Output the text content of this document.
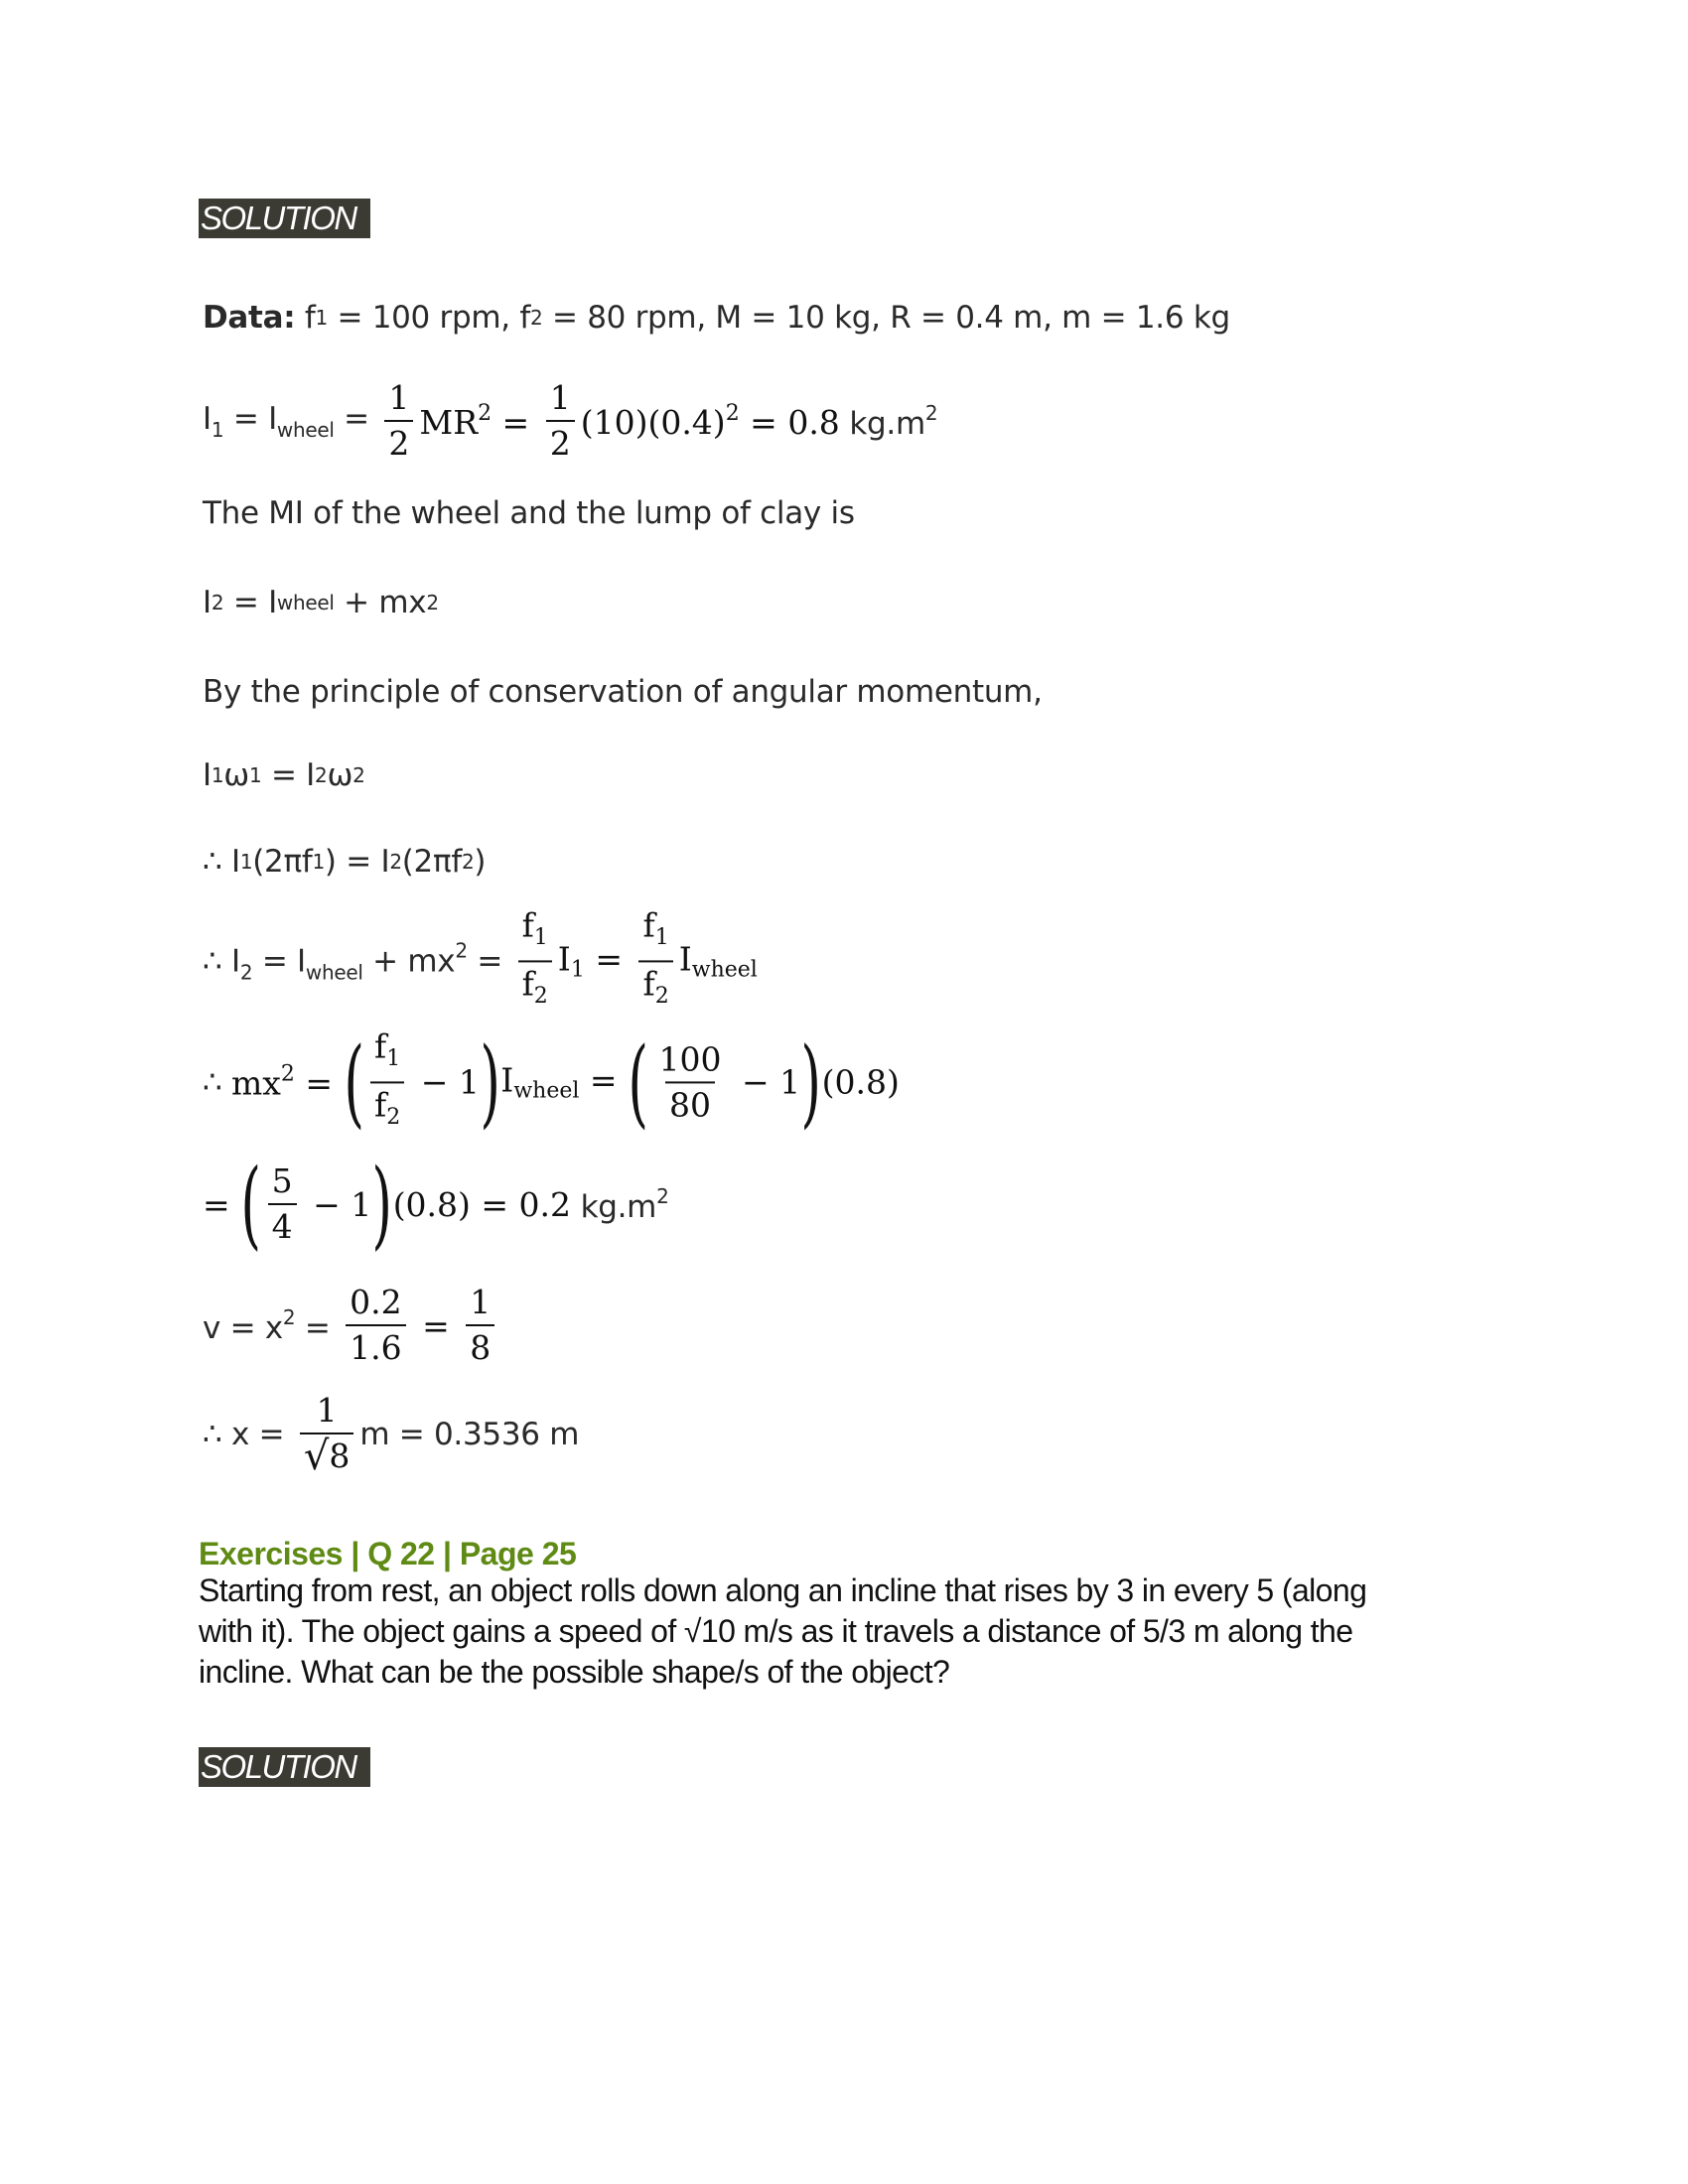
SOLUTION
Data:
f 1 = 100 rpm, f 2 = 80 rpm, M = 10 kg, R = 0.4 m, m = 1.6 kg
$I_1 = I_{wheel} = \frac{1}{2} MR^2 = \frac{1}{2} (10)(0.4)^2 = 0.8$ $kg.m^2$
The MI of the wheel and the lump of clay is
I 2 = I wheel + mx 2
By the principle of conservation of angular momentum,
I 1 ω 1 = I 2 ω 2
∴ I 1 (2πf 1 ) = I 2 (2πf 2 )
∴ $I_2 = I_{wheel} + mx^2 = \frac{f_1}{f_2} I_1 = \frac{f_1}{f_2} I_{wheel}$
∴ $mx^2$ = ( $\frac{f_1}{f_2} - 1$ ) $I_{wheel}$ = ( $\frac{100}{80} - 1$ ) (0.8)
= ( $\frac{5}{4} - 1$ ) (0.8) = 0.2 $kg.m^2$
$v = x^2 = \frac{0.2}{1.6} = \frac{1}{8}$
∴ $x = \frac{1}{√ 8}$ m = 0.3536 m
Exercises | Q 22 | Page 25
Starting from rest, an object rolls down along an incline that rises by 3 in every 5 (along
with it). The object gains a speed of √10 m/s as it travels a distance of 5/3 m along the
incline. What can be the possible shape/s of the object?
SOLUTION
